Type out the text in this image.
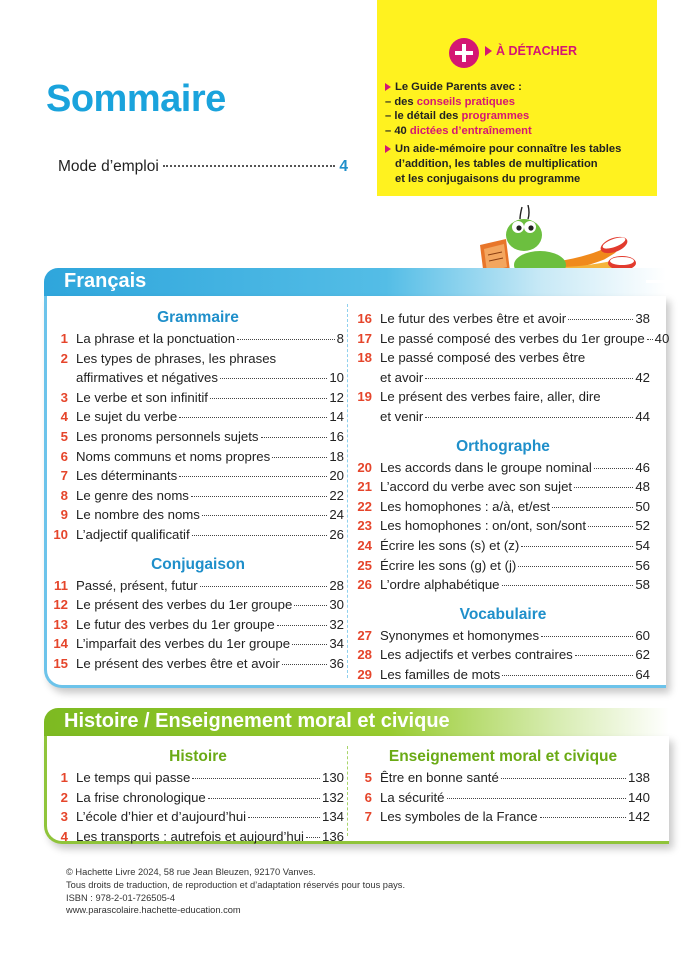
Sommaire
Mode d’emploi	4
À DÉTACHER
Le Guide Parents avec :
– des conseils pratiques
– le détail des programmes
– 40 dictées d’entraînement
Un aide-mémoire pour connaître les tables
d’addition, les tables de multiplication
et les conjugaisons du programme
Français
Grammaire
1 La phrase et la ponctuation	8
2 Les types de phrases, les phrases
affirmatives et négatives	10
3 Le verbe et son infinitif	12
4 Le sujet du verbe	14
5 Les pronoms personnels sujets	16
6 Noms communs et noms propres	18
7 Les déterminants	20
8 Le genre des noms	22
9 Le nombre des noms	24
10 L’adjectif qualificatif	26
Conjugaison
11 Passé, présent, futur	28
12 Le présent des verbes du 1er groupe	30
13 Le futur des verbes du 1er groupe	32
14 L’imparfait des verbes du 1er groupe	34
15 Le présent des verbes être et avoir	36
16 Le futur des verbes être et avoir	38
17 Le passé composé des verbes du 1er groupe 40
18 Le passé composé des verbes être
et avoir	42
19 Le présent des verbes faire, aller, dire
et venir	44
Orthographe
20 Les accords dans le groupe nominal	46
21 L’accord du verbe avec son sujet	48
22 Les homophones : a/à, et/est	50
23 Les homophones : on/ont, son/sont	52
24 Écrire les sons (s) et (z)	54
25 Écrire les sons (g) et (j)	56
26 L’ordre alphabétique	58
Vocabulaire
27 Synonymes et homonymes	60
28 Les adjectifs et verbes contraires	62
29 Les familles de mots	64
Histoire / Enseignement moral et civique
Histoire
1 Le temps qui passe	130
2 La frise chronologique	132
3 L’école d’hier et d’aujourd’hui	134
4 Les transports : autrefois et aujourd’hui 136
Enseignement moral et civique
5 Être en bonne santé	138
6 La sécurité	140
7 Les symboles de la France	142
© Hachette Livre 2024, 58 rue Jean Bleuzen, 92170 Vanves.
Tous droits de traduction, de reproduction et d’adaptation réservés pour tous pays.
ISBN : 978-2-01-726505-4
www.parascolaire.hachette-education.com
